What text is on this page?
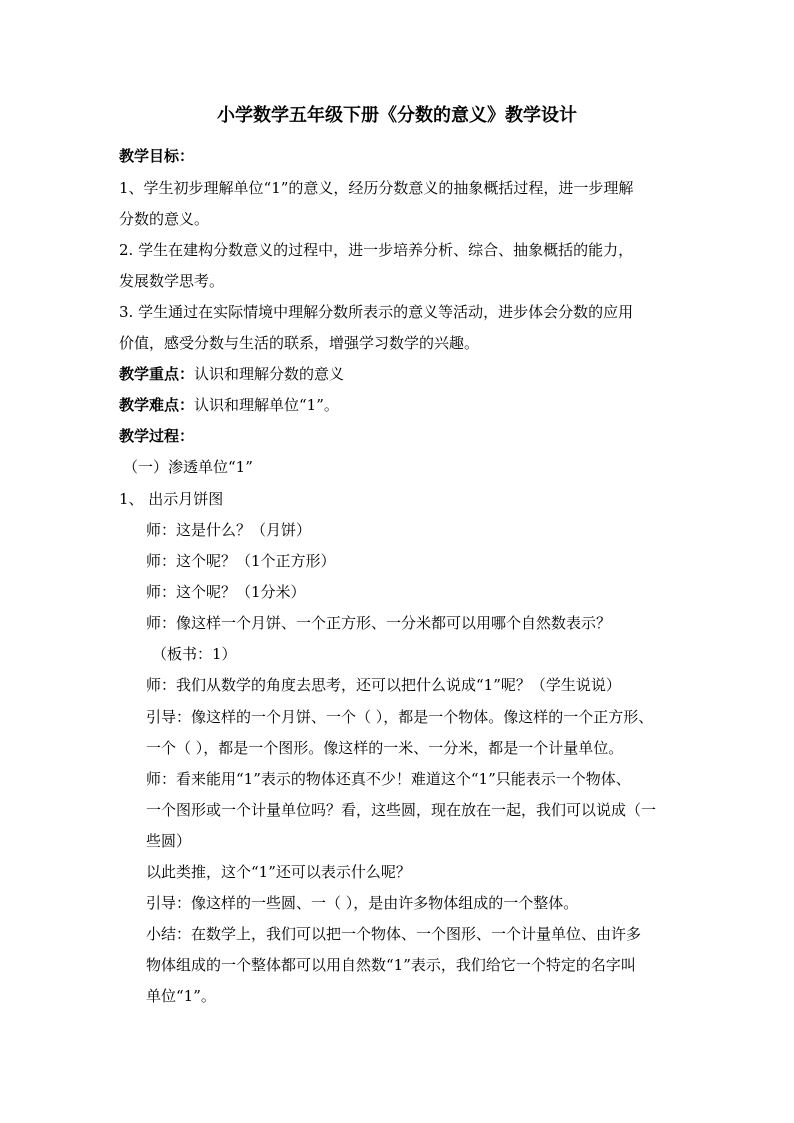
小学数学五年级下册《分数的意义》教学设计
教学目标：
1、学生初步理解单位“1”的意义，经历分数意义的抽象概括过程，进一步理解
分数的意义。
2. 学生在建构分数意义的过程中，进一步培养分析、综合、抽象概括的能力，
发展数学思考。
3. 学生通过在实际情境中理解分数所表示的意义等活动，进步体会分数的应用
价值，感受分数与生活的联系，增强学习数学的兴趣。
教学重点：认识和理解分数的意义
教学难点：认识和理解单位“1”。
教学过程：
（一）渗透单位“1”
1、 出示月饼图
师：这是什么？（月饼）
师：这个呢？（1个正方形）
师：这个呢？（1分米）
师：像这样一个月饼、一个正方形、一分米都可以用哪个自然数表示？
（板书：1）
师：我们从数学的角度去思考，还可以把什么说成“1”呢？（学生说说）
引导：像这样的一个月饼、一个（ ），都是一个物体。像这样的一个正方形、
一个（ ），都是一个图形。像这样的一米、一分米，都是一个计量单位。
师：看来能用“1”表示的物体还真不少！难道这个“1”只能表示一个物体、
一个图形或一个计量单位吗？看，这些圆，现在放在一起，我们可以说成（一
些圆）
以此类推，这个“1”还可以表示什么呢？
引导：像这样的一些圆、一（ ），是由许多物体组成的一个整体。
小结：在数学上，我们可以把一个物体、一个图形、一个计量单位、由许多
物体组成的一个整体都可以用自然数“1”表示，我们给它一个特定的名字叫
单位“1”。
